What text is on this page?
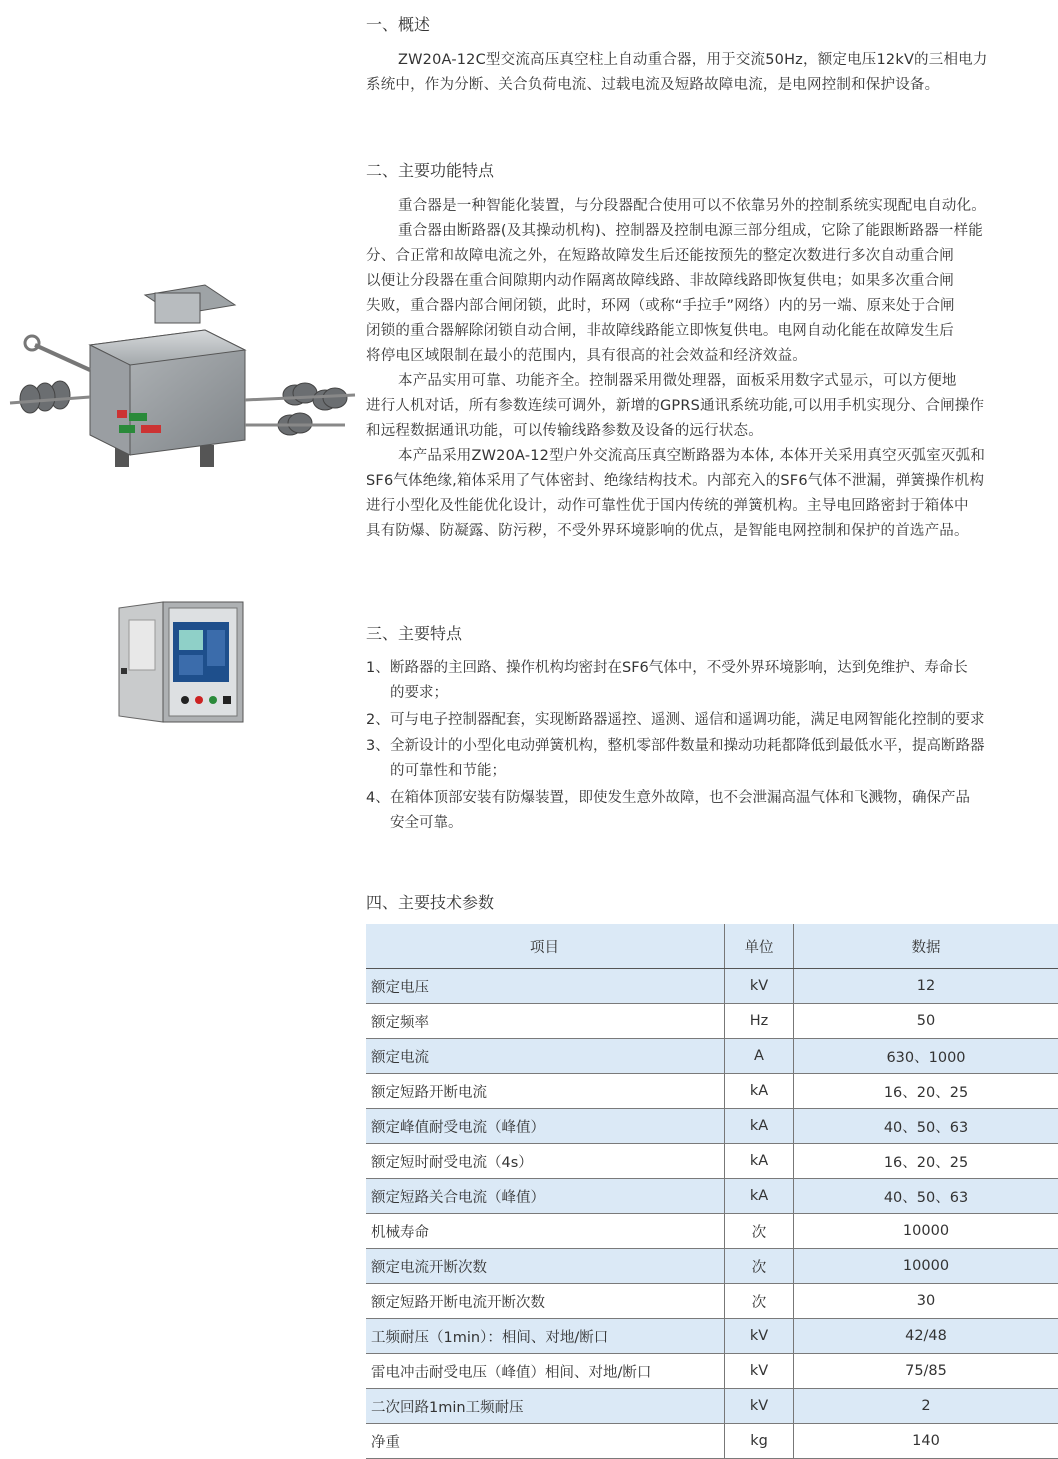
一、概述
ZW20A-12C型交流高压真空柱上自动重合器，用于交流50Hz，额定电压12kV的三相电力
系统中，作为分断、关合负荷电流、过载电流及短路故障电流，是电网控制和保护设备。
二、主要功能特点
重合器是一种智能化装置，与分段器配合使用可以不依靠另外的控制系统实现配电自动化。
重合器由断路器(及其操动机构)、控制器及控制电源三部分组成，它除了能跟断路器一样能
分、合正常和故障电流之外，在短路故障发生后还能按预先的整定次数进行多次自动重合闸
以便让分段器在重合间隙期内动作隔离故障线路、非故障线路即恢复供电；如果多次重合闸
失败，重合器内部合闸闭锁，此时，环网（或称“手拉手”网络）内的另一端、原来处于合闸
闭锁的重合器解除闭锁自动合闸，非故障线路能立即恢复供电。电网自动化能在故障发生后
将停电区域限制在最小的范围内，具有很高的社会效益和经济效益。
本产品实用可靠、功能齐全。控制器采用微处理器，面板采用数字式显示，可以方便地
进行人机对话，所有参数连续可调外，新增的GPRS通讯系统功能,可以用手机实现分、合闸操作
和远程数据通讯功能，可以传输线路参数及设备的远行状态。
本产品采用ZW20A-12型户外交流高压真空断路器为本体, 本体开关采用真空灭弧室灭弧和
SF6气体绝缘,箱体采用了气体密封、绝缘结构技术。内部充入的SF6气体不泄漏，弹簧操作机构
进行小型化及性能优化设计，动作可靠性优于国内传统的弹簧机构。主导电回路密封于箱体中
具有防爆、防凝露、防污秽，不受外界环境影响的优点，是智能电网控制和保护的首选产品。
三、主要特点
1、 断路器的主回路、操作机构均密封在SF6气体中，不受外界环境影响，达到免维护、寿命长
的要求；
2、 可与电子控制器配套，实现断路器遥控、遥测、遥信和遥调功能，满足电网智能化控制的要求
3、 全新设计的小型化电动弹簧机构，整机零部件数量和操动功耗都降低到最低水平，提高断路器
的可靠性和节能；
4、 在箱体顶部安装有防爆装置，即使发生意外故障，也不会泄漏高温气体和飞溅物，确保产品
安全可靠。
四、主要技术参数
项目	单位	数据
额定电压	kV	12
额定频率	Hz	50
额定电流	A	630、1000
额定短路开断电流	kA	16、20、25
额定峰值耐受电流（峰值）	kA	40、50、63
额定短时耐受电流（4s）	kA	16、20、25
额定短路关合电流（峰值）	kA	40、50、63
机械寿命	次	10000
额定电流开断次数	次	10000
额定短路开断电流开断次数	次	30
工频耐压（1min）：相间、对地/断口	kV	42/48
雷电冲击耐受电压（峰值）相间、对地/断口	kV	75/85
二次回路1min工频耐压	kV	2
净重	kg	140
